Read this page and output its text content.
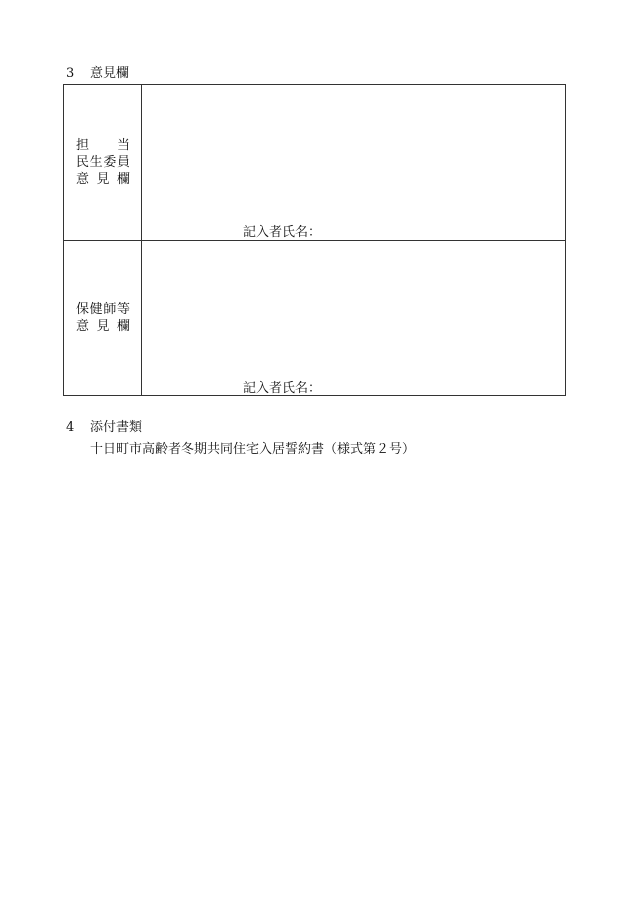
3 意見欄
担 当
民 生 委 員
意 見 欄
記入者氏名：
保 健 師 等
意 見 欄
記入者氏名：
4 添付書類
十日町市高齢者冬期共同住宅入居誓約書（様式第２号）
